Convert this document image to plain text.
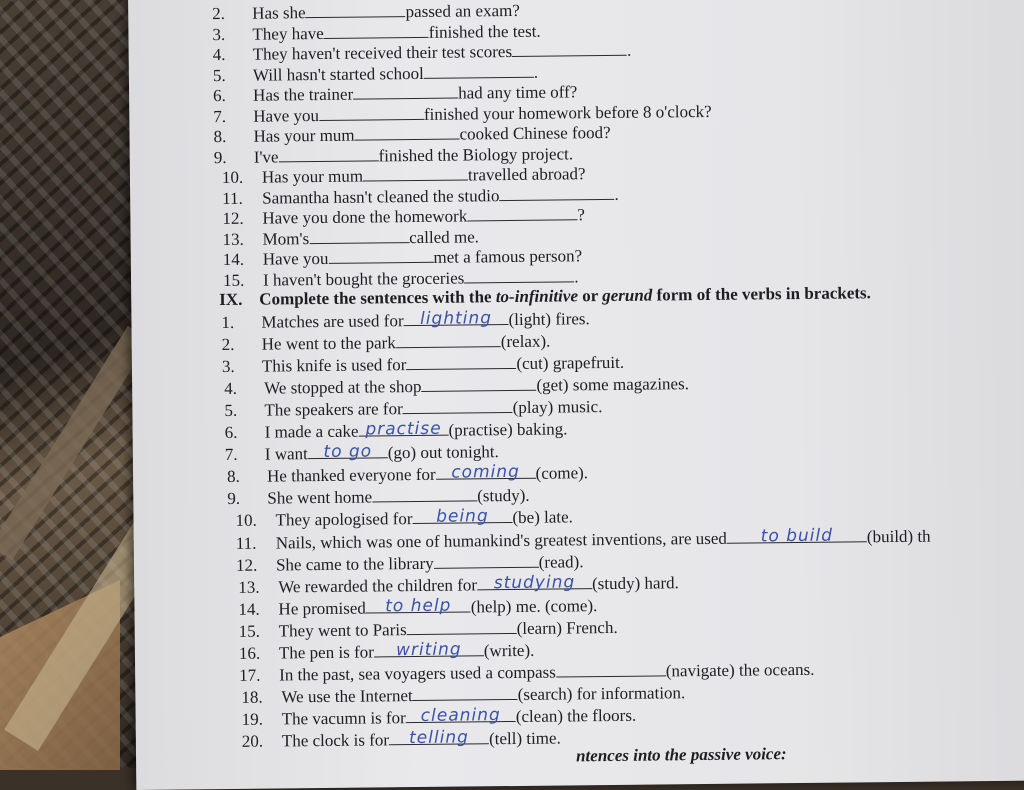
2. Has she	passed an exam?
3. They have	finished the test.
4. They haven't received their test scores	.
5. Will hasn't started school	.
6. Has the trainer	had any time off?
7. Have you	finished your homework before 8 o'clock?
8. Has your mum	cooked Chinese food?
9. I've	finished the Biology project.
10. Has your mum	travelled abroad?
11. Samantha hasn't cleaned the studio	.
12. Have you done the homework	?
13. Mom's	called me.
14. Have you	met a famous person?
15. I haven't bought the groceries	.
IX. Complete the sentences with the to-infinitive or gerund form of the verbs in brackets.
1. Matches are used for lighting (light) fires.
2. He went to the park	(relax).
3. This knife is used for	(cut) grapefruit.
4. We stopped at the shop	(get) some magazines.
5. The speakers are for	(play) music.
6. I made a cake practise (practise) baking.
7. I want to go (go) out tonight.
8. He thanked everyone for coming (come).
9. She went home	(study).
10. They apologised for	being	(be) late.
11. Nails, which was one of humankind's greatest inventions, are used	to build	(build) th
12. She came to the library	(read).
13. We rewarded the children for studying (study) hard.
14. He promised	to help	(help) me. (come).
15. They went to Paris	(learn) French.
16. The pen is for	writing	(write).
17. In the past, sea voyagers used a compass	(navigate) the oceans.
18. We use the Internet	(search) for information.
19. The vacumn is for cleaning (clean) the floors.
20. The clock is for	telling	(tell) time.
ntences into the passive voice:
